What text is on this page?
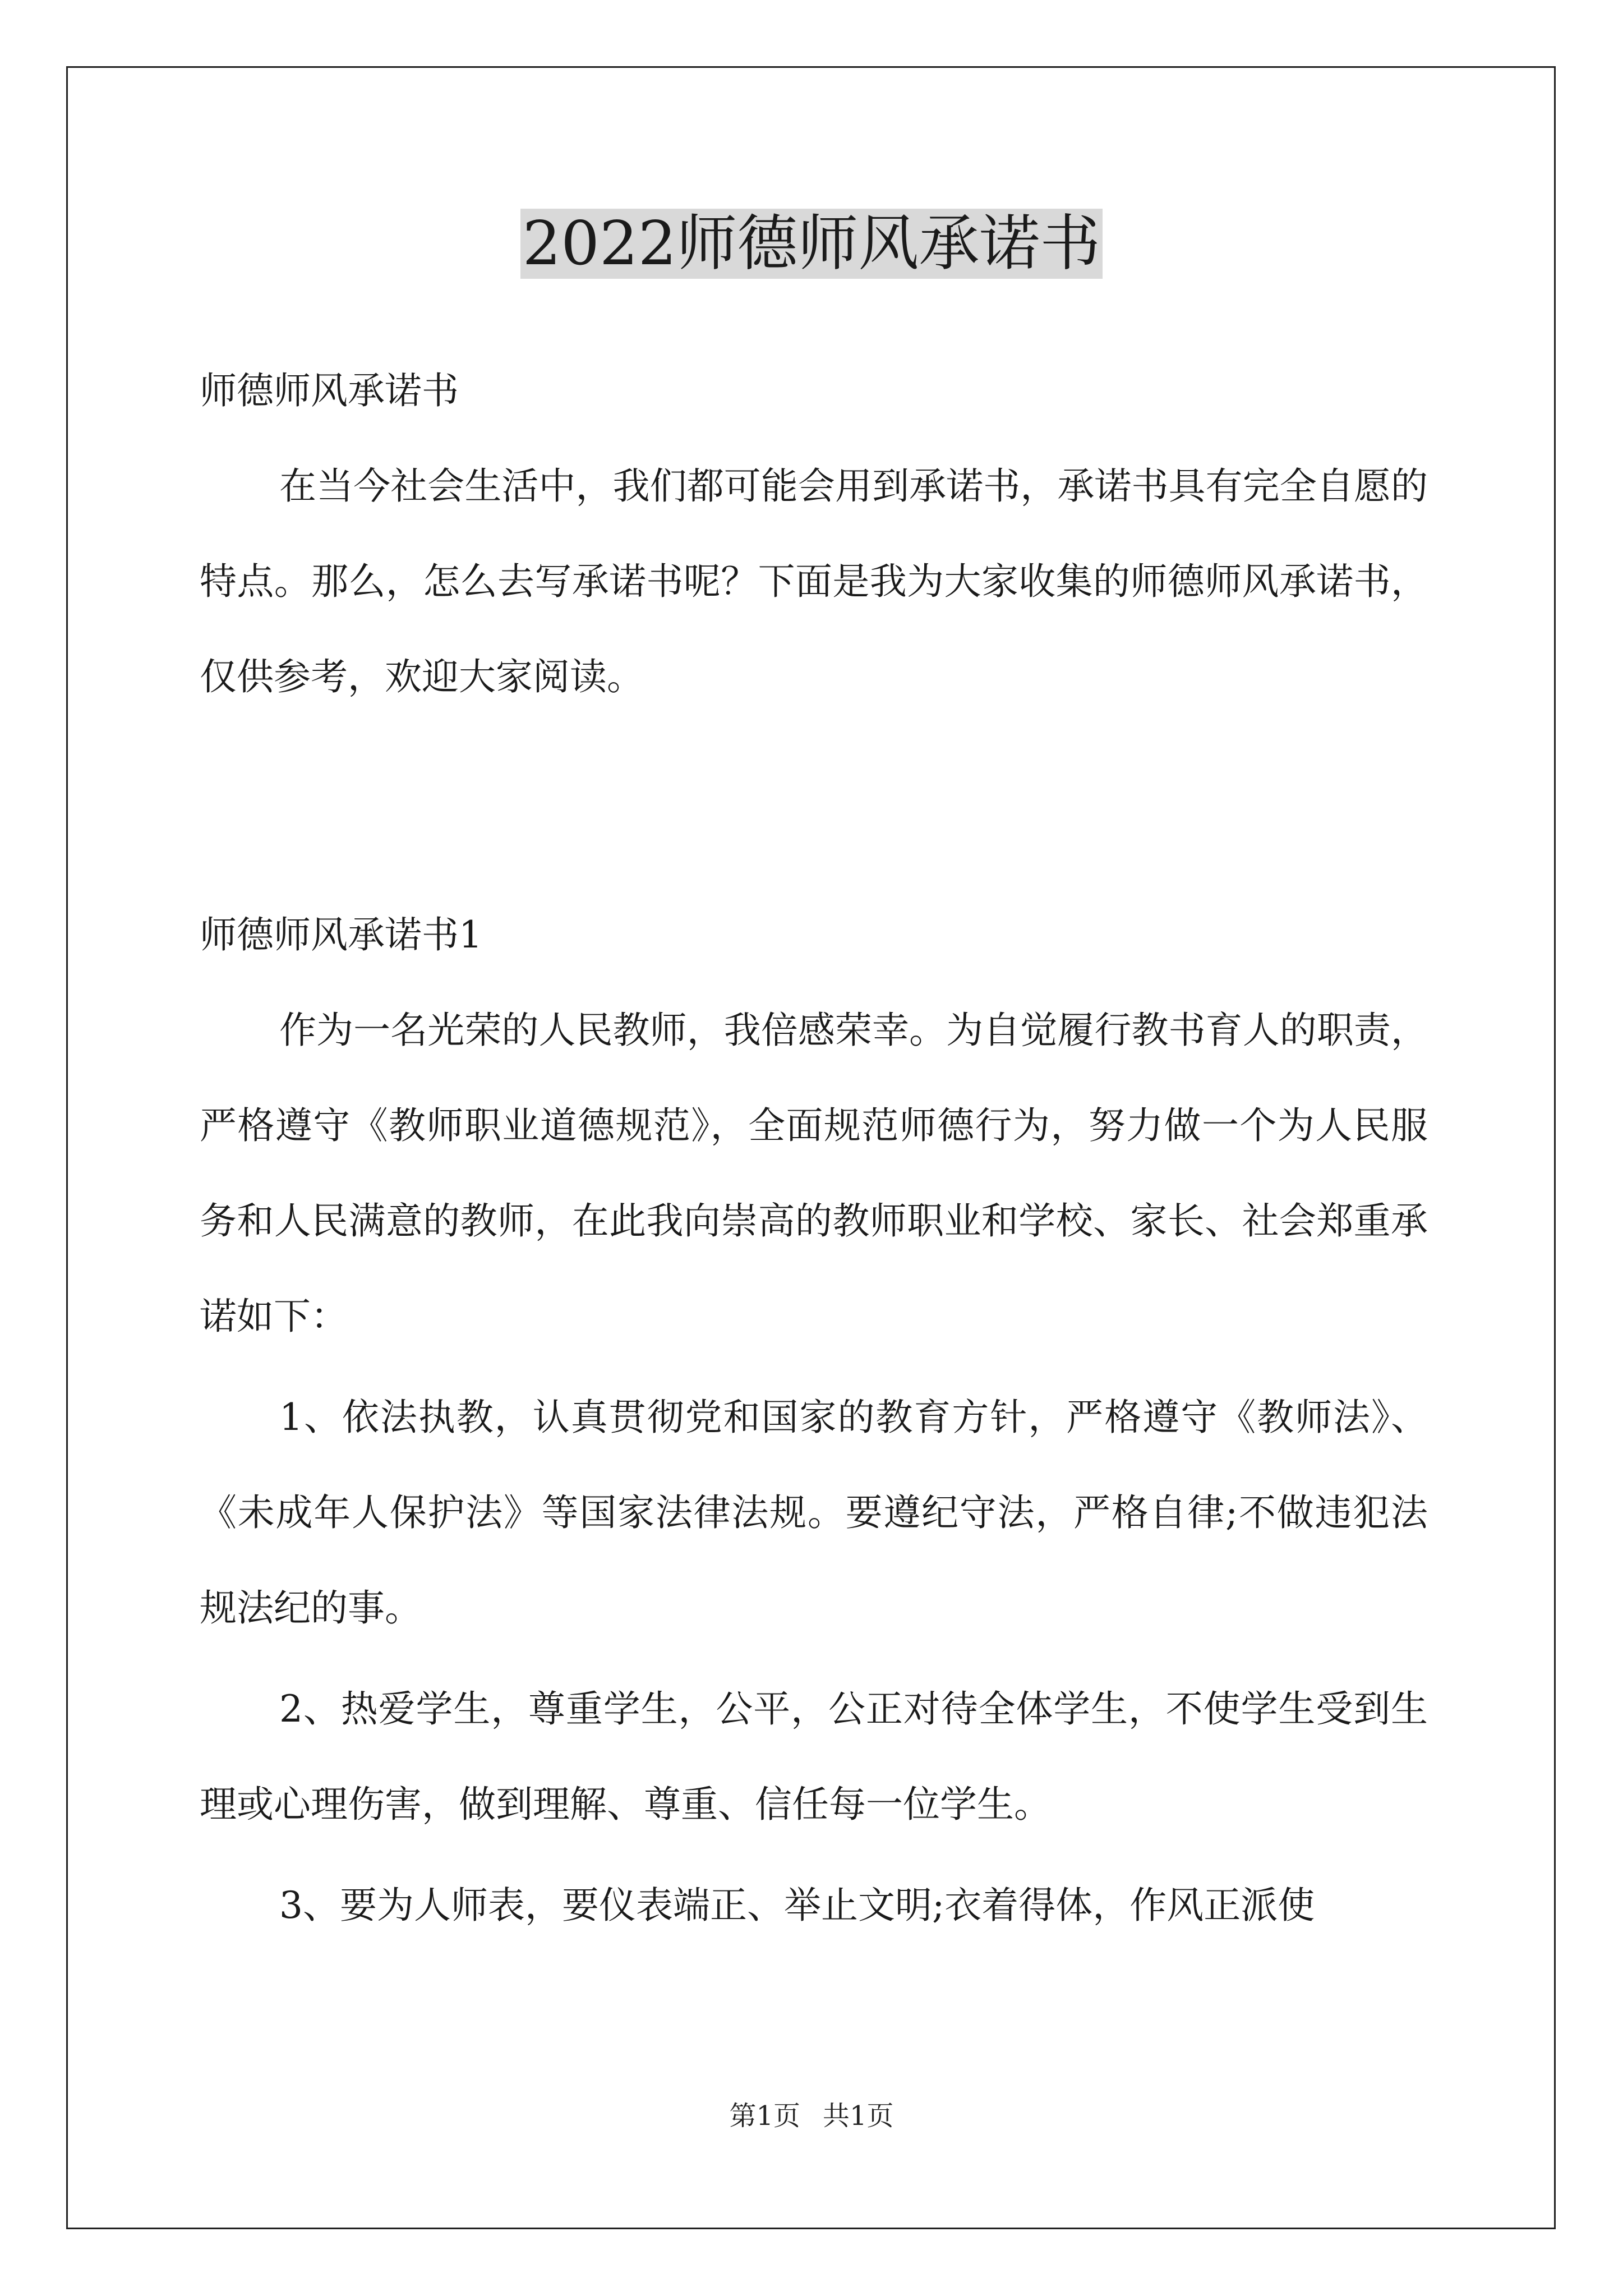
2022师德师风承诺书

师德师风承诺书

在当今社会生活中，我们都可能会用到承诺书，承诺书具有完全自愿的特点。那么，怎么去写承诺书呢？下面是我为大家收集的师德师风承诺书，仅供参考，欢迎大家阅读。

师德师风承诺书1

作为一名光荣的人民教师，我倍感荣幸。为自觉履行教书育人的职责，严格遵守《教师职业道德规范》，全面规范师德行为，努力做一个为人民服务和人民满意的教师，在此我向崇高的教师职业和学校、家长、社会郑重承诺如下：

1、依法执教，认真贯彻党和国家的教育方针，严格遵守《教师法》、《未成年人保护法》等国家法律法规。要遵纪守法，严格自律;不做违犯法规法纪的事。

2、热爱学生，尊重学生，公平，公正对待全体学生，不使学生受到生理或心理伤害，做到理解、尊重、信任每一位学生。

3、要为人师表，要仪表端正、举止文明;衣着得体，作风正派使

第1页 共1页
